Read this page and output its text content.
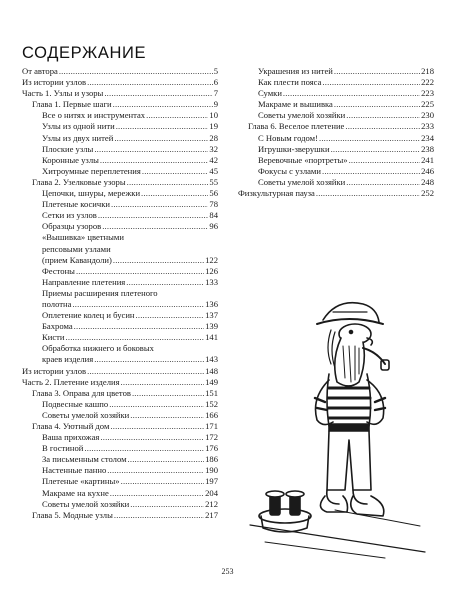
СОДЕРЖАНИЕ
От автора .....	5
Из истории узлов .....	6
Часть 1. Узлы и узоры .....	7
Глава 1. Первые шаги .....	9
Все о нитях и инструментах .....	10
Узлы из одной нити .....	19
Узлы из двух нитей .....	28
Плоские узлы .....	32
Коронные узлы .....	42
Хитроумные переплетения .....	45
Глава 2. Узелковые узоры .....	55
Цепочки, шнуры, мережки .....	56
Плетеные косички .....	78
Сетки из узлов .....	84
Образцы узоров .....	96
«Вышивка» цветными
репсовыми узлами
(прием Кавандоли) .....	122
Фестоны .....	126
Направление плетения .....	133
Приемы расширения плетеного
полотна .....	136
Оплетение колец и бусин .....	137
Бахрома .....	139
Кисти .....	141
Обработка нижнего и боковых
краев изделия .....	143
Из истории узлов .....	148
Часть 2. Плетение изделия .....	149
Глава 3. Оправа для цветов .....	151
Подвесные кашпо .....	152
Советы умелой хозяйки .....	166
Глава 4. Уютный дом .....	171
Ваша прихожая .....	172
В гостиной .....	176
За письменным столом .....	186
Настенные панно .....	190
Плетеные «картины» .....	197
Макраме на кухне .....	204
Советы умелой хозяйки .....	212
Глава 5. Модные узлы .....	217
Украшения из нитей .....	218
Как плести пояса .....	222
Сумки .....	223
Макраме и вышивка .....	225
Советы умелой хозяйки .....	230
Глава 6. Веселое плетение .....	233
С Новым годом! .....	234
Игрушки-зверушки .....	238
Веревочные «портреты» .....	241
Фокусы с узлами .....	246
Советы умелой хозяйки .....	248
Физкультурная пауза .....	252
253
